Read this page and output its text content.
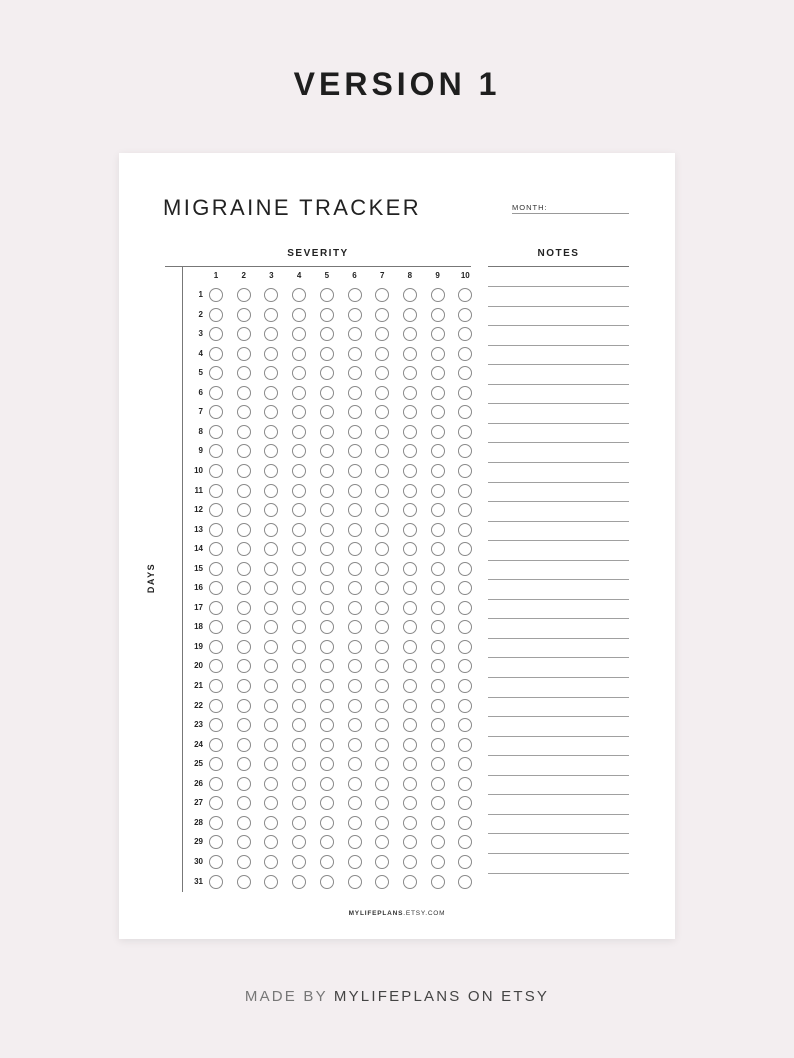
VERSION 1
MIGRAINE TRACKER	MONTH:
SEVERITY	NOTES
DAYS
1	2	3	4	5	6	7	8	9	10
1
2
3
4
5
6
7
8
9
10
11
12
13
14
15
16
17
18
19
20
21
22
23
24
25
26
27
28
29
30
31
MYLIFEPLANS.ETSY.COM
MADE BY MYLIFEPLANS ON ETSY
